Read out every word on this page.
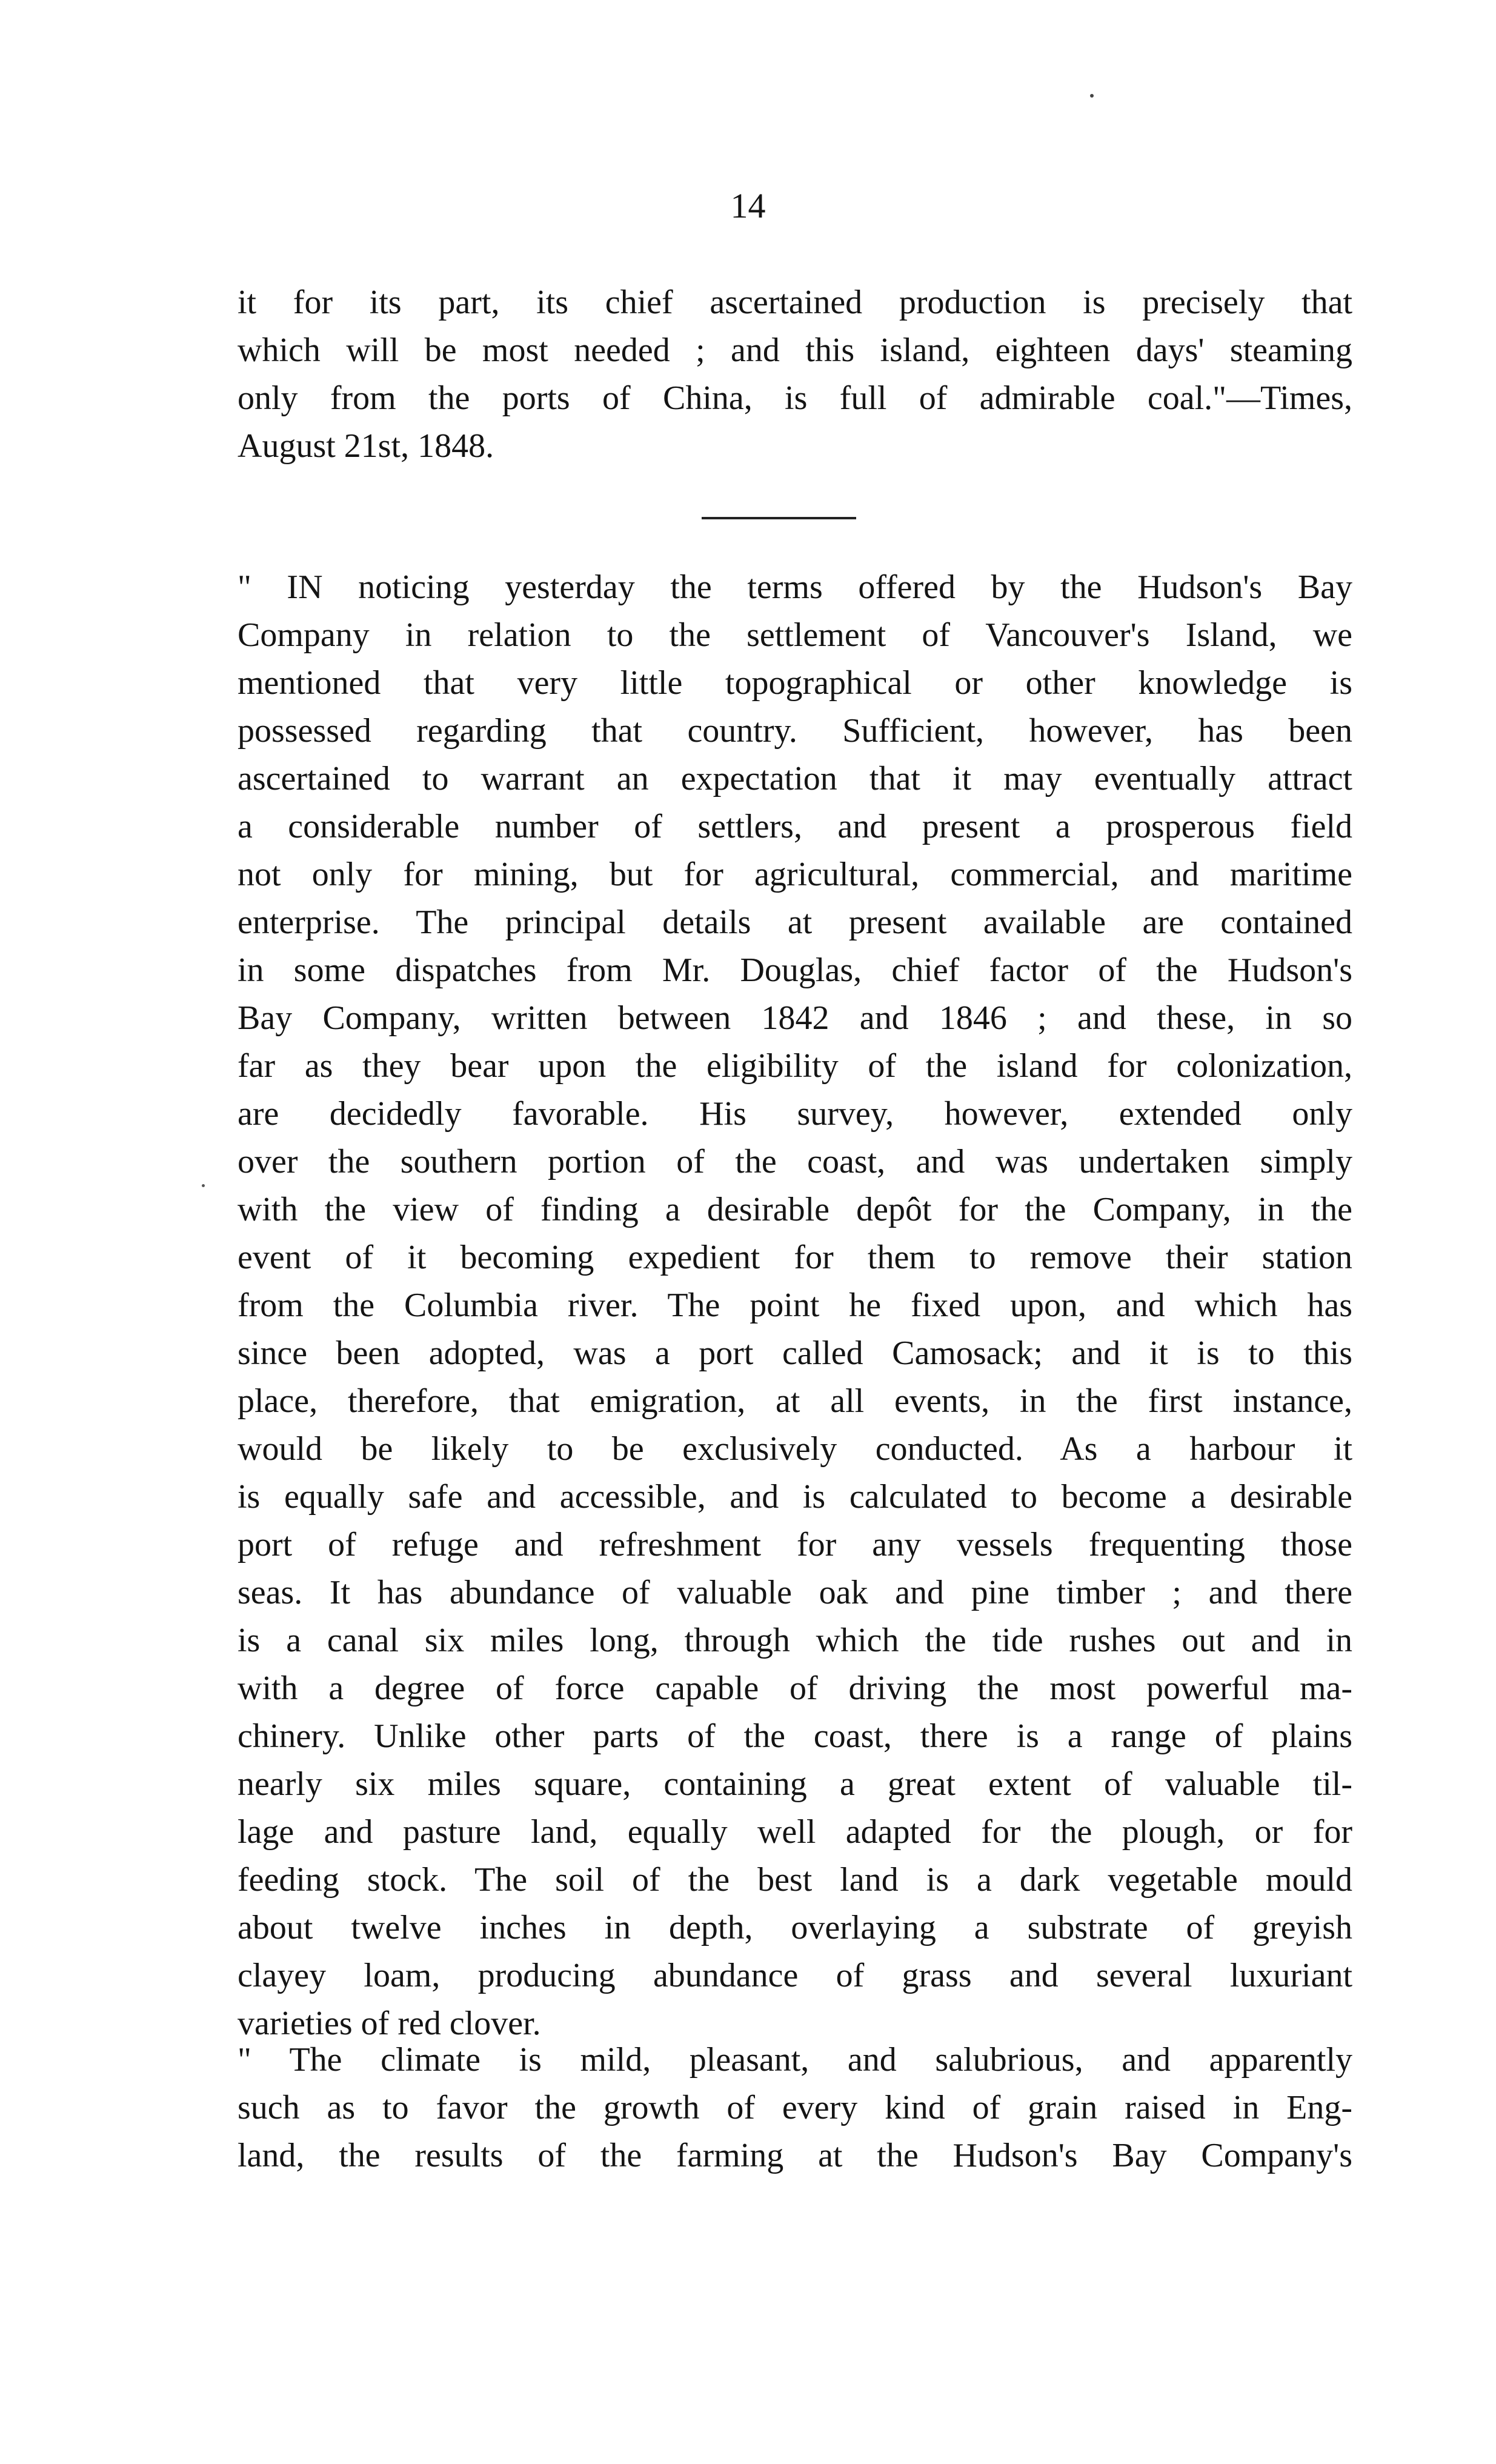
14
it for its part, its chief ascertained production is precisely that
which will be most needed ; and this island, eighteen days' steaming
only from the ports of China, is full of admirable coal."—Times,
August 21st, 1848.
" IN noticing yesterday the terms offered by the Hudson's Bay
Company in relation to the settlement of Vancouver's Island, we
mentioned that very little topographical or other knowledge is
possessed regarding that country. Sufficient, however, has been
ascertained to warrant an expectation that it may eventually attract
a considerable number of settlers, and present a prosperous field
not only for mining, but for agricultural, commercial, and maritime
enterprise. The principal details at present available are contained
in some dispatches from Mr. Douglas, chief factor of the Hudson's
Bay Company, written between 1842 and 1846 ; and these, in so
far as they bear upon the eligibility of the island for colonization,
are decidedly favorable. His survey, however, extended only
over the southern portion of the coast, and was undertaken simply
with the view of finding a desirable depôt for the Company, in the
event of it becoming expedient for them to remove their station
from the Columbia river. The point he fixed upon, and which has
since been adopted, was a port called Camosack; and it is to this
place, therefore, that emigration, at all events, in the first instance,
would be likely to be exclusively conducted. As a harbour it
is equally safe and accessible, and is calculated to become a desirable
port of refuge and refreshment for any vessels frequenting those
seas. It has abundance of valuable oak and pine timber ; and there
is a canal six miles long, through which the tide rushes out and in
with a degree of force capable of driving the most powerful ma-
chinery. Unlike other parts of the coast, there is a range of plains
nearly six miles square, containing a great extent of valuable til-
lage and pasture land, equally well adapted for the plough, or for
feeding stock. The soil of the best land is a dark vegetable mould
about twelve inches in depth, overlaying a substrate of greyish
clayey loam, producing abundance of grass and several luxuriant
varieties of red clover.
" The climate is mild, pleasant, and salubrious, and apparently
such as to favor the growth of every kind of grain raised in Eng-
land, the results of the farming at the Hudson's Bay Company's
